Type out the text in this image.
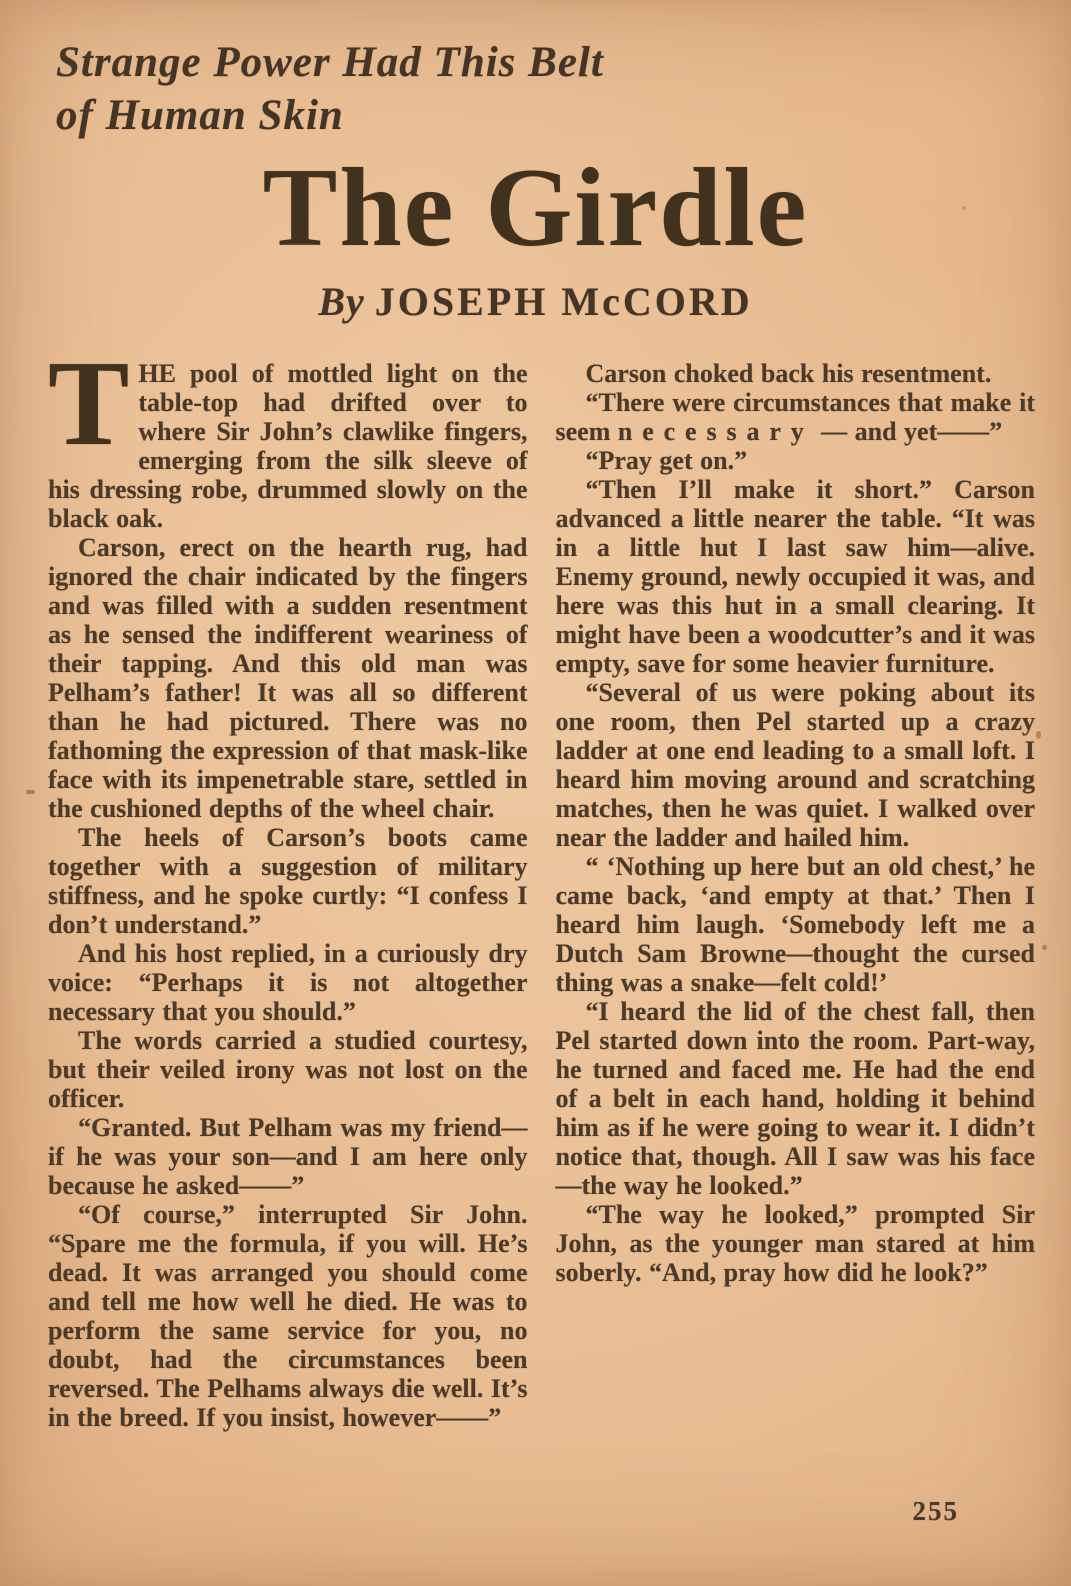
Strange Power Had This Belt
of Human Skin
The Girdle
By JOSEPH McCORD

THE pool of mottled light on the table-top had drifted over to where Sir John’s clawlike fingers, emerging from the silk sleeve of his dressing robe, drummed slowly on the black oak.

Carson, erect on the hearth rug, had ignored the chair indicated by the fingers and was filled with a sudden resentment as he sensed the indifferent weariness of their tapping. And this old man was Pelham’s father! It was all so different than he had pictured. There was no fathoming the expression of that mask-like face with its impenetrable stare, settled in the cushioned depths of the wheel chair.

The heels of Carson’s boots came together with a suggestion of military stiffness, and he spoke curtly: “I confess I don’t understand.”

And his host replied, in a curiously dry voice: “Perhaps it is not altogether necessary that you should.”

The words carried a studied courtesy, but their veiled irony was not lost on the officer.

“Granted. But Pelham was my friend—if he was your son—and I am here only because he asked——”

“Of course,” interrupted Sir John. “Spare me the formula, if you will. He’s dead. It was arranged you should come and tell me how well he died. He was to perform the same service for you, no doubt, had the circumstances been reversed. The Pelhams always die well. It’s in the breed. If you insist, however——”

Carson choked back his resentment.

“There were circumstances that make it seem necessary — and yet——”

“Pray get on.”

“Then I’ll make it short.” Carson advanced a little nearer the table. “It was in a little hut I last saw him—alive. Enemy ground, newly occupied it was, and here was this hut in a small clearing. It might have been a woodcutter’s and it was empty, save for some heavier furniture.

“Several of us were poking about its one room, then Pel started up a crazy ladder at one end leading to a small loft. I heard him moving around and scratching matches, then he was quiet. I walked over near the ladder and hailed him.

“ ‘Nothing up here but an old chest,’ he came back, ‘and empty at that.’ Then I heard him laugh. ‘Somebody left me a Dutch Sam Browne—thought the cursed thing was a snake—felt cold!’

“I heard the lid of the chest fall, then Pel started down into the room. Part-way, he turned and faced me. He had the end of a belt in each hand, holding it behind him as if he were going to wear it. I didn’t notice that, though. All I saw was his face—the way he looked.”

“The way he looked,” prompted Sir John, as the younger man stared at him soberly. “And, pray how did he look?”

255
